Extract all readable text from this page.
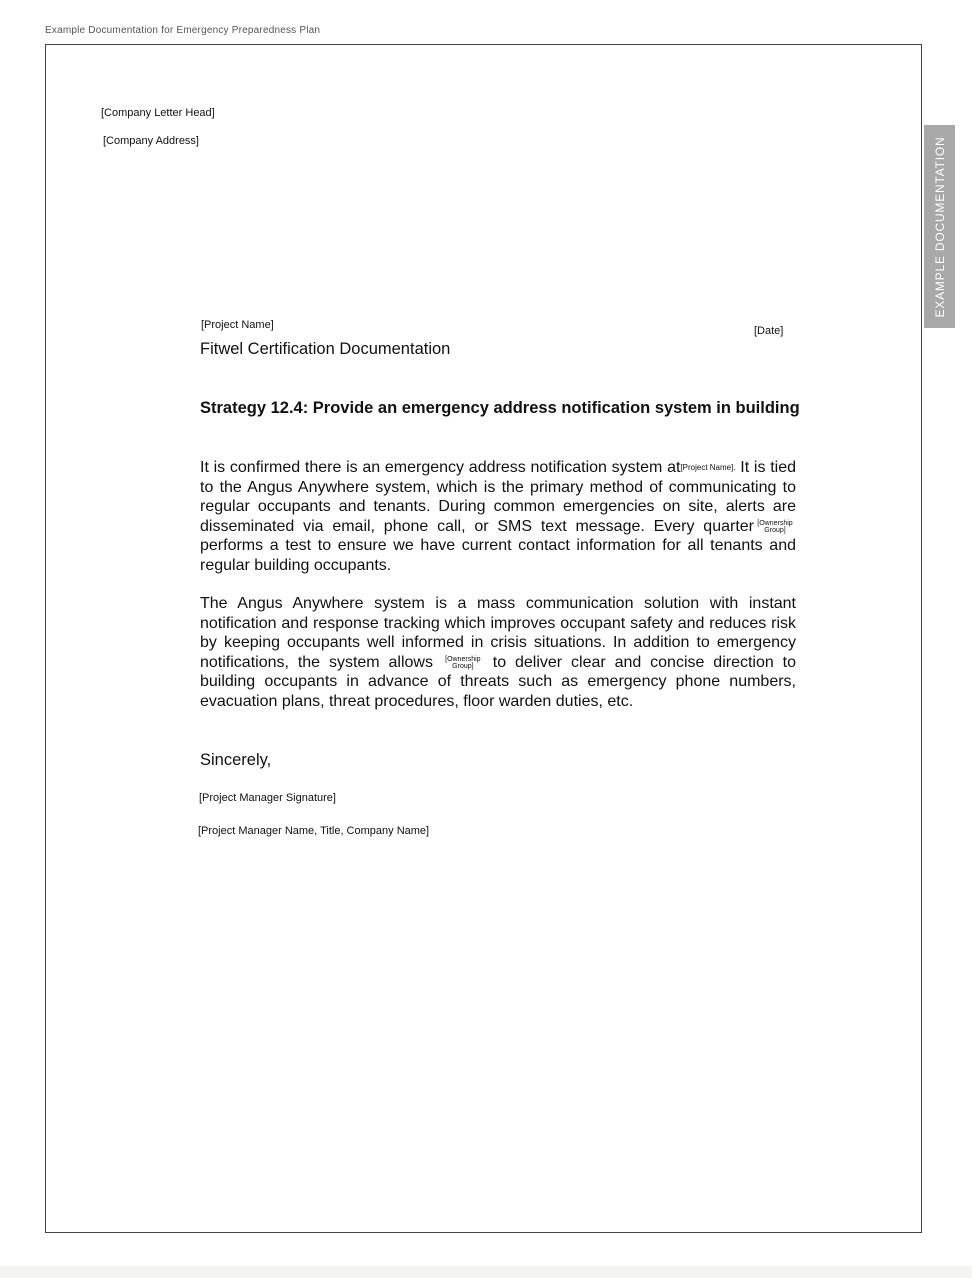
Example Documentation for Emergency Preparedness Plan
[Company Letter Head]
[Company Address]
[Project Name]	[Date]
Fitwel Certification Documentation
Strategy 12.4: Provide an emergency address notification system in building
It is confirmed there is an emergency address notification system at[Project Name]. It is tied to the Angus Anywhere system, which is the primary method of communicating to regular occupants and tenants. During common emergencies on site, alerts are disseminated via email, phone call, or SMS text message. Every quarter [Ownership
Group] performs a test to ensure we have current contact information for all tenants and regular building occupants.
The Angus Anywhere system is a mass communication solution with instant notification and response tracking which improves occupant safety and reduces risk by keeping occupants well informed in crisis situations. In addition to emergency notifications, the system allows [Ownership
Group] to deliver clear and concise direction to building occupants in advance of threats such as emergency phone numbers, evacuation plans, threat procedures, floor warden duties, etc.
Sincerely,
[Project Manager Signature]
[Project Manager Name, Title, Company Name]
EXAMPLE DOCUMENTATION
